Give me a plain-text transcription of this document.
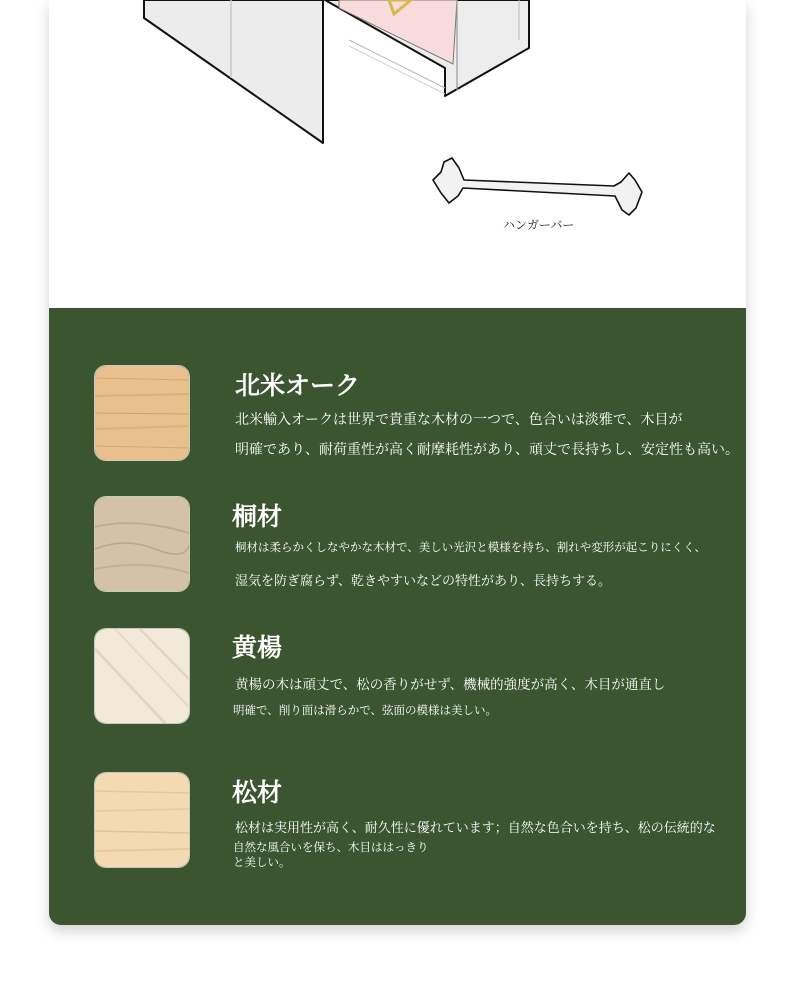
ハンガーバー
北米オーク
北米輸入オークは世界で貴重な木材の一つで、色合いは淡雅で、木目が
明確であり、耐荷重性が高く耐摩耗性があり、頑丈で長持ちし、安定性も高い。
桐材
桐材は柔らかくしなやかな木材で、美しい光沢と模様を持ち、割れや変形が起こりにくく、
湿気を防ぎ腐らず、乾きやすいなどの特性があり、長持ちする。
黄楊
黄楊の木は頑丈で、松の香りがせず、機械的強度が高く、木目が通直し
明確で、削り面は滑らかで、弦面の模様は美しい。
松材
松材は実用性が高く、耐久性に優れています；自然な色合いを持ち、松の伝統的な
自然な風合いを保ち、木目ははっきり
と美しい。
